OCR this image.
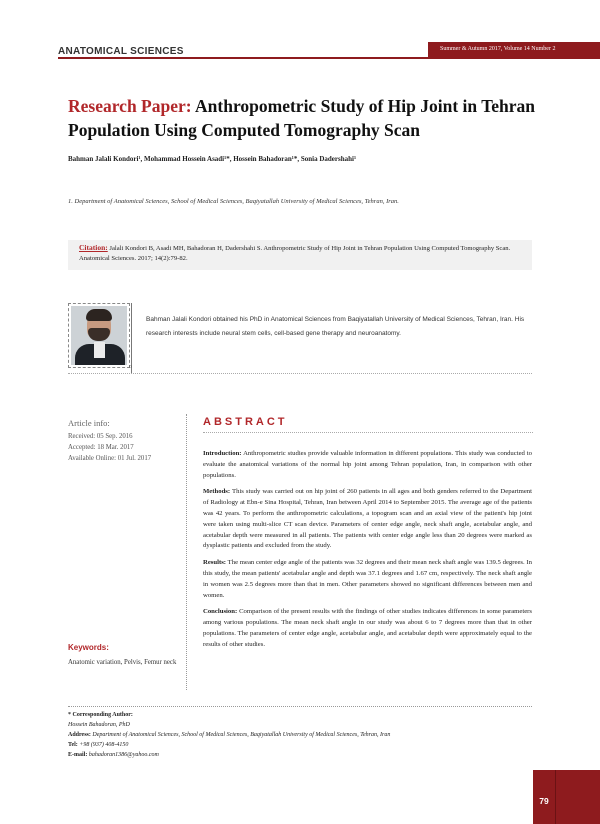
ANATOMICAL SCIENCES	Summer & Autumn 2017, Volume 14 Number 2
Research Paper: Anthropometric Study of Hip Joint in Tehran Population Using Computed Tomography Scan
Bahman Jalali Kondori¹, Mohammad Hossein Asadi¹*, Hossein Bahadoran¹*, Sonia Dadershahi¹
1. Department of Anatomical Sciences, School of Medical Sciences, Baqiyatallah University of Medical Sciences, Tehran, Iran.
Citation: Jalali Kondori B, Asadi MH, Bahadoran H, Dadershahi S. Anthropometric Study of Hip Joint in Tehran Population Using Computed Tomography Scan. Anatomical Sciences. 2017; 14(2):79-82.
o
Bahman Jalali Kondori obtained his PhD in Anatomical Sciences from Baqiyatallah University of Medical Sciences, Tehran, Iran. His research interests include neural stem cells, cell-based gene therapy and neuroanatomy.
Article info:
Received: 05 Sep. 2016
Accepted: 18 Mar. 2017
Available Online: 01 Jul. 2017
ABSTRACT

Introduction: Anthropometric studies provide valuable information in different populations. This study was conducted to evaluate the anatomical variations of the normal hip joint among Tehran population, Iran, in comparison with other populations.

Methods: This study was carried out on hip joint of 260 patients in all ages and both genders referred to the Department of Radiology at Ebn-e Sina Hospital, Tehran, Iran between April 2014 to September 2015. The average age of the patients was 42 years. To perform the anthropometric calculations, a topogram scan and an axial view of the patient's hip joint were taken using multi-slice CT scan device. Parameters of center edge angle, neck shaft angle, acetabular angle, and acetabular depth were measured in all patients. The patients with center edge angle less than 20 degrees were marked as dysplastic patients and excluded from the study.

Results: The mean center edge angle of the patients was 32 degrees and their mean neck shaft angle was 139.5 degrees. In this study, the mean patients' acetabular angle and depth was 37.1 degrees and 1.67 cm, respectively. The neck shaft angle in women was 2.5 degrees more than that in men. Other parameters showed no significant differences between men and women.

Conclusion: Comparison of the present results with the findings of other studies indicates differences in some parameters among various populations. The mean neck shaft angle in our study was about 6 to 7 degrees more than that in other populations. The parameters of center edge angle, acetabular angle, and acetabular depth were approximately equal to the results of other studies.

Keywords:
Anatomic variation, Pelvis, Femur neck
* Corresponding Author:
Hossein Bahadoran, PhD
Address: Department of Anatomical Sciences, School of Medical Sciences, Baqiyatallah University of Medical Sciences, Tehran, Iran
Tel: +98 (937) 408-4150
E-mail: bahadoran1386@yahoo.com
79
